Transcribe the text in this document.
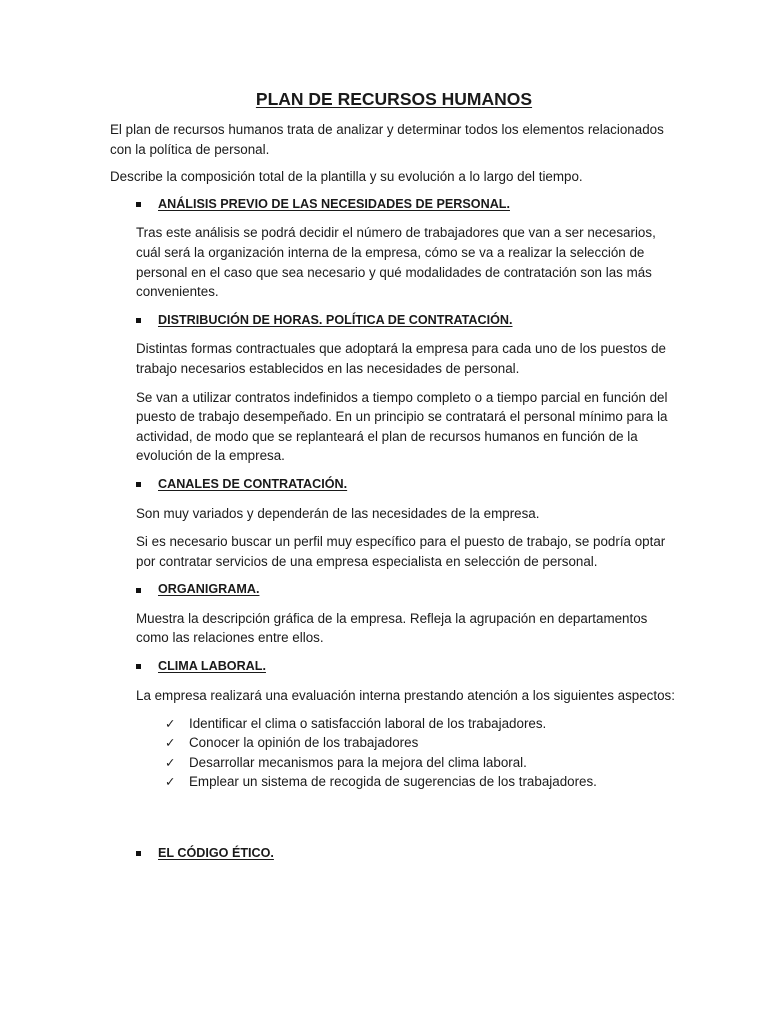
PLAN DE RECURSOS HUMANOS

El plan de recursos humanos trata de analizar y determinar todos los elementos relacionados con la política de personal.

Describe la composición total de la plantilla y su evolución a lo largo del tiempo.

ANÁLISIS PREVIO DE LAS NECESIDADES DE PERSONAL.

Tras este análisis se podrá decidir el número de trabajadores que van a ser necesarios, cuál será la organización interna de la empresa, cómo se va a realizar la selección de personal en el caso que sea necesario y qué modalidades de contratación son las más convenientes.

DISTRIBUCIÓN DE HORAS. POLÍTICA DE CONTRATACIÓN.

Distintas formas contractuales que adoptará la empresa para cada uno de los puestos de trabajo necesarios establecidos en las necesidades de personal.

Se van a utilizar contratos indefinidos a tiempo completo o a tiempo parcial en función del puesto de trabajo desempeñado. En un principio se contratará el personal mínimo para la actividad, de modo que se replanteará el plan de recursos humanos en función de la evolución de la empresa.

CANALES DE CONTRATACIÓN.

Son muy variados y dependerán de las necesidades de la empresa.

Si es necesario buscar un perfil muy específico para el puesto de trabajo, se podría optar por contratar servicios de una empresa especialista en selección de personal.

ORGANIGRAMA.

Muestra la descripción gráfica de la empresa. Refleja la agrupación en departamentos como las relaciones entre ellos.

CLIMA LABORAL.

La empresa realizará una evaluación interna prestando atención a los siguientes aspectos:

✓	Identificar el clima o satisfacción laboral de los trabajadores.
✓	Conocer la opinión de los trabajadores
✓	Desarrollar mecanismos para la mejora del clima laboral.
✓	Emplear un sistema de recogida de sugerencias de los trabajadores.
EL CÓDIGO ÉTICO.
